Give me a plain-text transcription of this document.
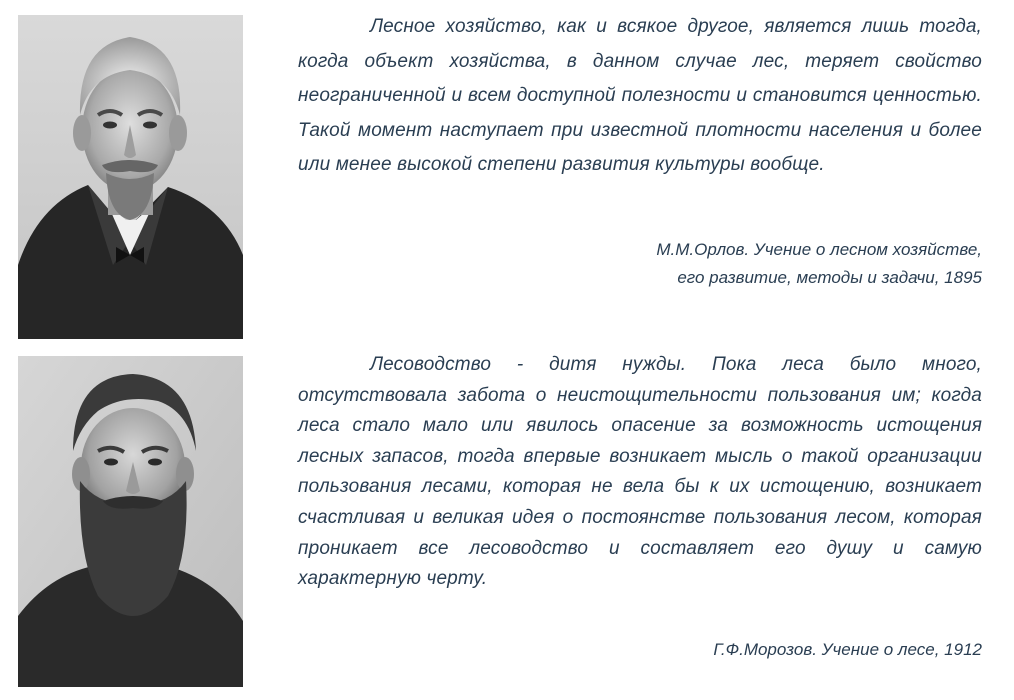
Лесное хозяйство, как и всякое другое, является лишь тогда, когда объект хозяйства, в данном случае лес, теряет свойство неограниченной и всем доступной полезности и становится ценностью. Такой момент наступает при известной плотности населения и более или менее высокой степени развития культуры вообще.

М.М.Орлов. Учение о лесном хозяйстве,
его развитие, методы и задачи, 1895

Лесоводство - дитя нужды. Пока леса было много, отсутствовала забота о неистощительности пользования им; когда леса стало мало или явилось опасение за возможность истощения лесных запасов, тогда впервые возникает мысль о такой организации пользования лесами, которая не вела бы к их истощению, возникает счастливая и великая идея о постоянстве пользования лесом, которая проникает все лесоводство и составляет его душу и самую характерную черту.

Г.Ф.Морозов. Учение о лесе, 1912
